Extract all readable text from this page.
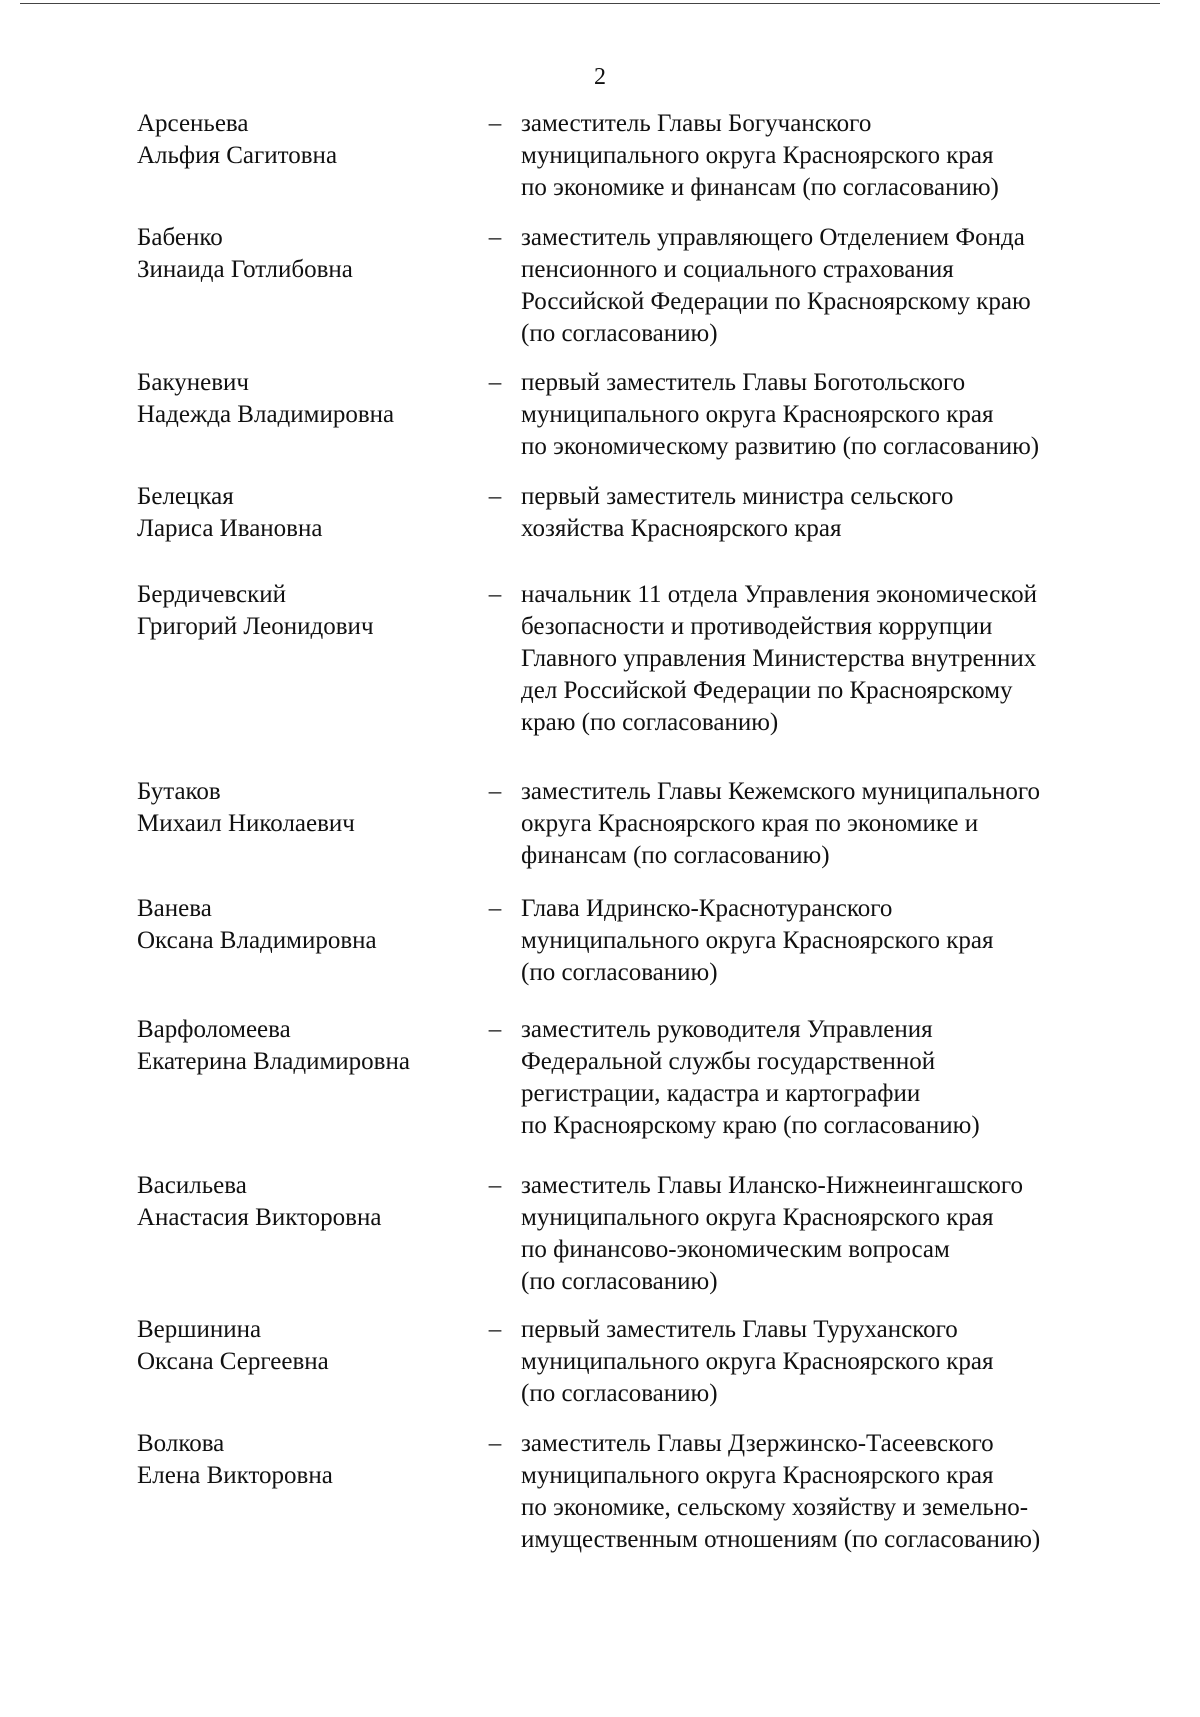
2
Арсеньева
Альфия Сагитовна
– заместитель Главы Богучанского
муниципального округа Красноярского края
по экономике и финансам (по согласованию)
Бабенко
Зинаида Готлибовна
– заместитель управляющего Отделением Фонда
пенсионного и социального страхования
Российской Федерации по Красноярскому краю
(по согласованию)
Бакуневич
Надежда Владимировна
– первый заместитель Главы Боготольского
муниципального округа Красноярского края
по экономическому развитию (по согласованию)
Белецкая
Лариса Ивановна
– первый заместитель министра сельского
хозяйства Красноярского края
Бердичевский
Григорий Леонидович
– начальник 11 отдела Управления экономической
безопасности и противодействия коррупции
Главного управления Министерства внутренних
дел Российской Федерации по Красноярскому
краю (по согласованию)
Бутаков
Михаил Николаевич
– заместитель Главы Кежемского муниципального
округа Красноярского края по экономике и
финансам (по согласованию)
Ванева
Оксана Владимировна
– Глава Идринско-Краснотуранского
муниципального округа Красноярского края
(по согласованию)
Варфоломеева
Екатерина Владимировна
– заместитель руководителя Управления
Федеральной службы государственной
регистрации, кадастра и картографии
по Красноярскому краю (по согласованию)
Васильева
Анастасия Викторовна
– заместитель Главы Иланско-Нижнеингашского
муниципального округа Красноярского края
по финансово-экономическим вопросам
(по согласованию)
Вершинина
Оксана Сергеевна
– первый заместитель Главы Туруханского
муниципального округа Красноярского края
(по согласованию)
Волкова
Елена Викторовна
– заместитель Главы Дзержинско-Тасеевского
муниципального округа Красноярского края
по экономике, сельскому хозяйству и земельно-
имущественным отношениям (по согласованию)
